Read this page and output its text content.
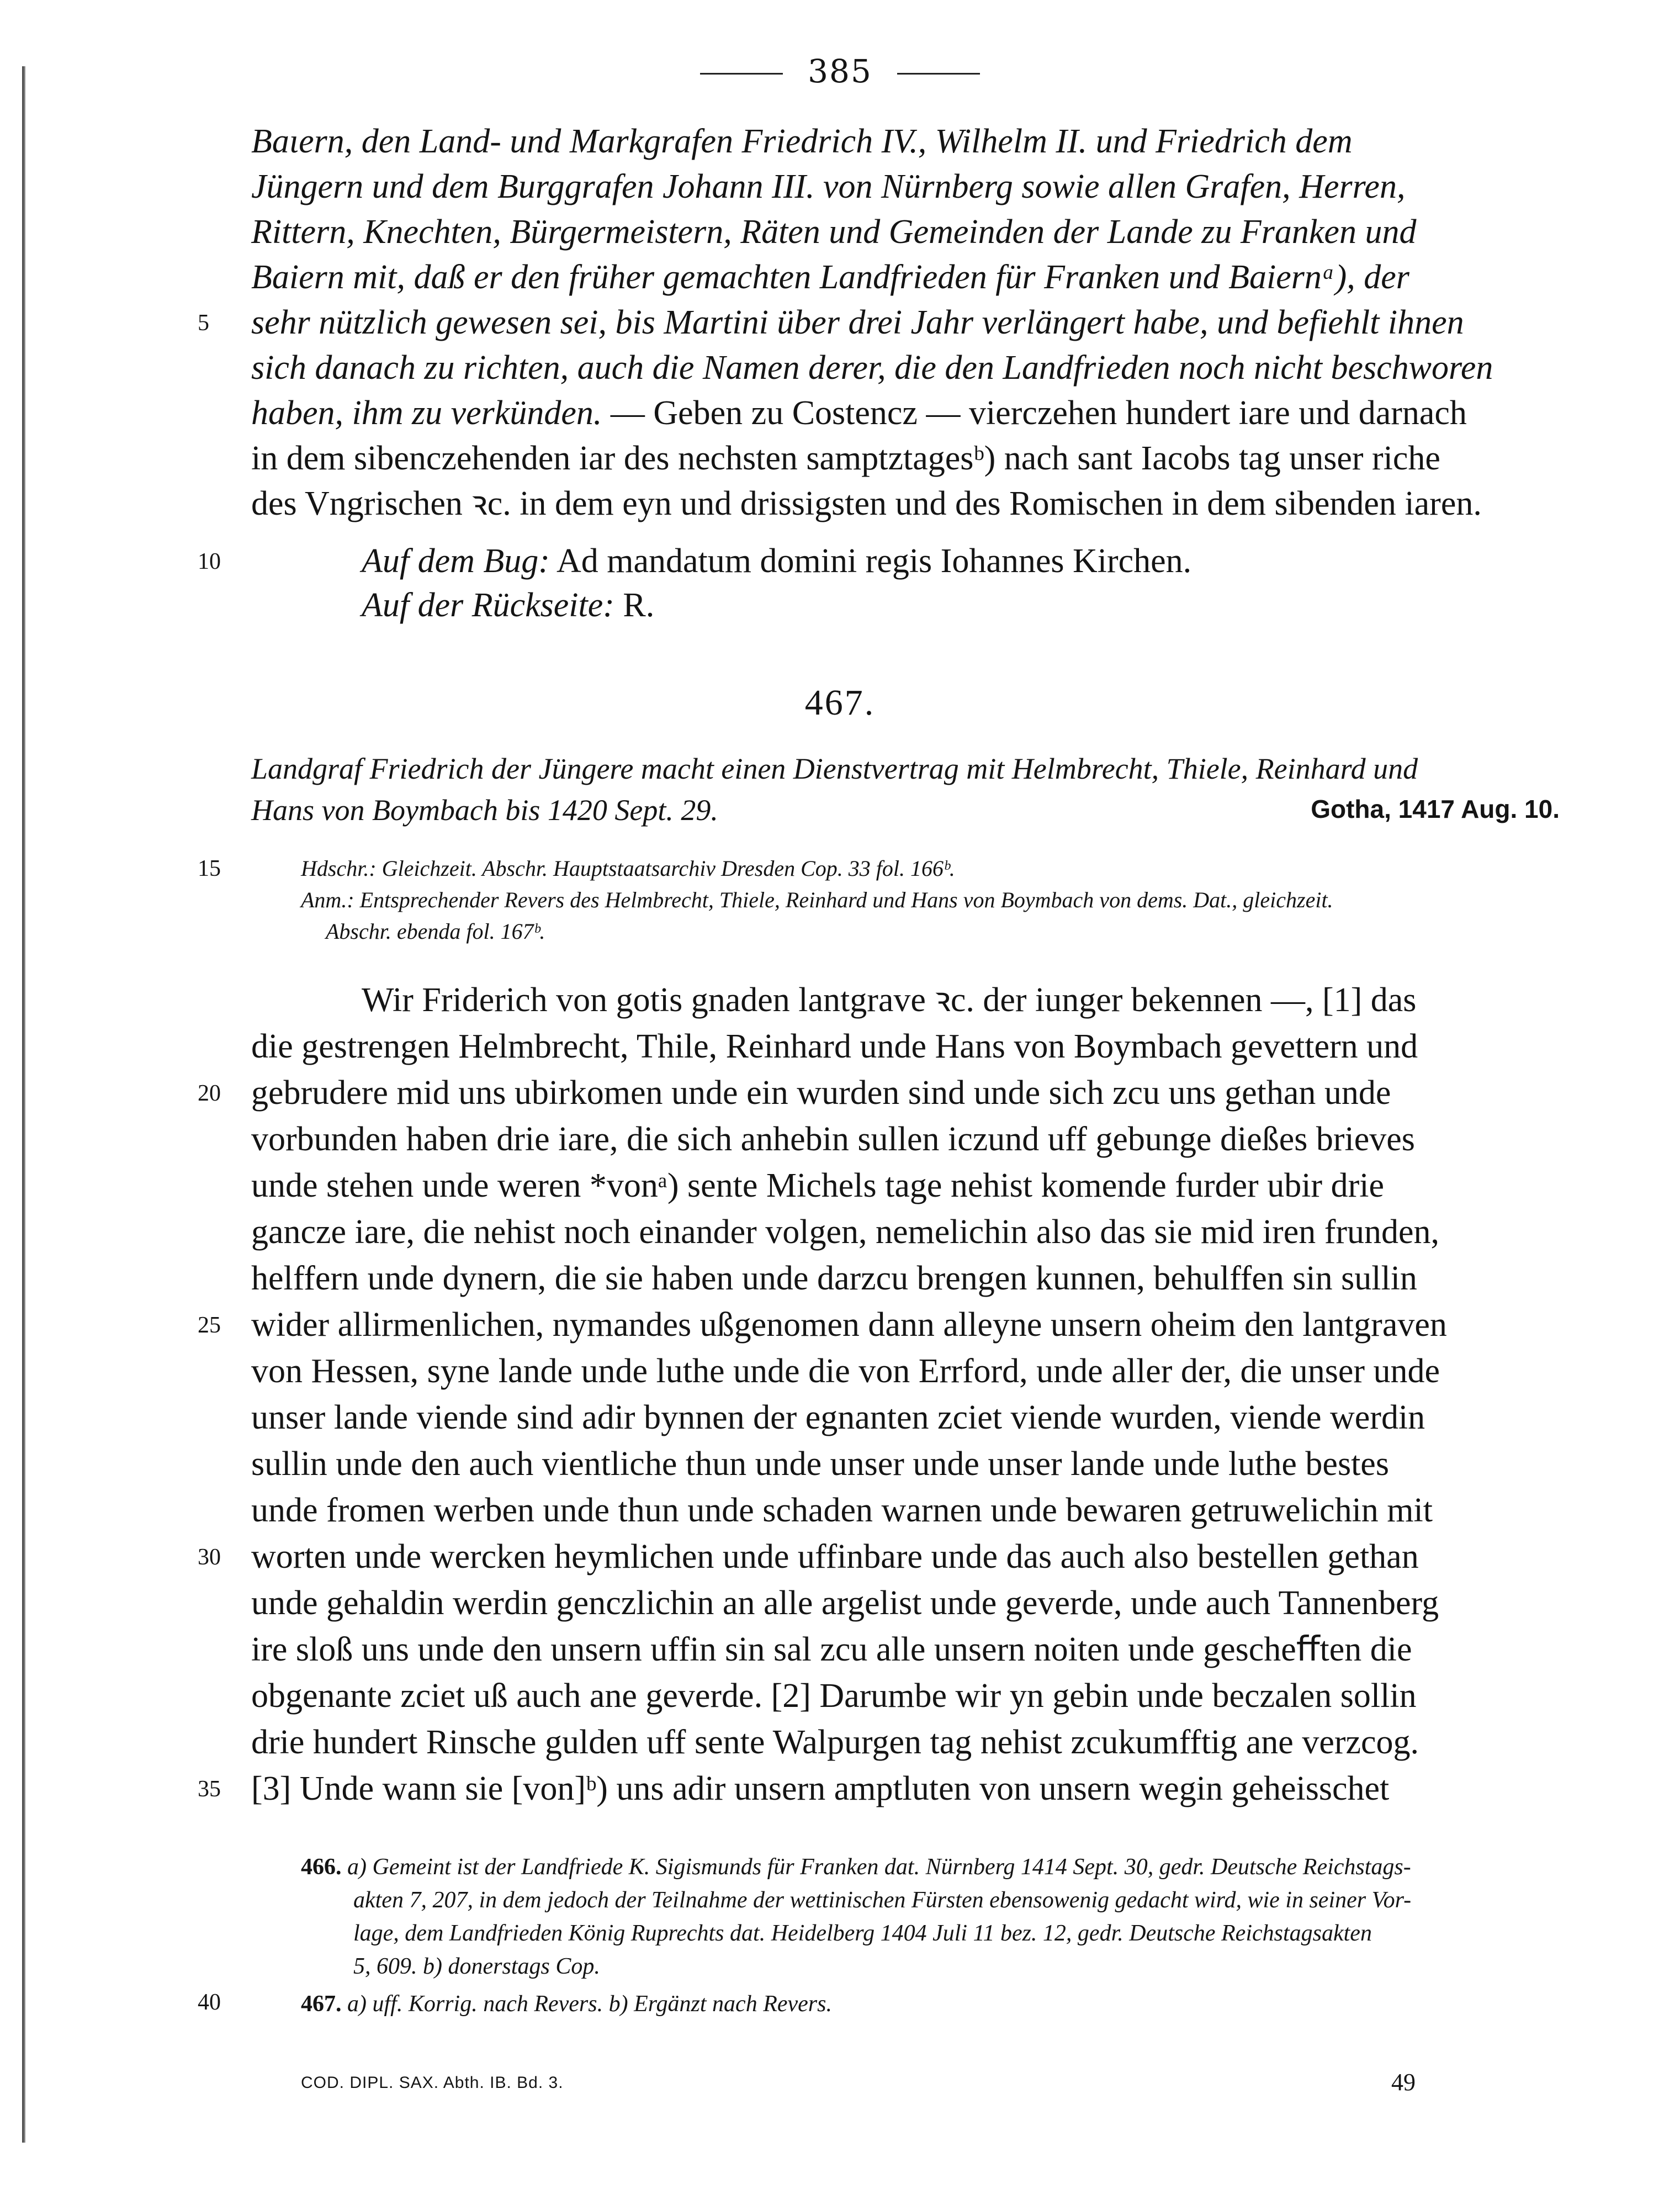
385
Baιern, den Land- und Markgrafen Friedrich IV., Wilhelm II. und Friedrich dem
Jüngern und dem Burggrafen Johann III. von Nürnberg sowie allen Grafen, Herren,
Rittern, Knechten, Bürgermeistern, Räten und Gemeinden der Lande zu Franken und
Baiern mit, daß er den früher gemachten Landfrieden für Franken und Baiernᵃ), der
sehr nützlich gewesen sei, bis Martini über drei Jahr verlängert habe, und befiehlt ihnen
5
sich danach zu richten, auch die Namen derer, die den Landfrieden noch nicht beschworen
haben, ihm zu verkünden. — Geben zu Costencz — vierczehen hundert iare und darnach
in dem sibenczehenden iar des nechsten samptztagesᵇ) nach sant Iacobs tag unser riche
des Vngrischen ꝛc. in dem eyn und drissigsten und des Romischen in dem sibenden iaren.
Auf dem Bug: Ad mandatum domini regis Iohannes Kirchen.
10
Auf der Rückseite: R.
467.
Landgraf Friedrich der Jüngere macht einen Dienstvertrag mit Helmbrecht, Thiele, Reinhard und
Hans von Boymbach bis 1420 Sept. 29.	Gotha, 1417 Aug. 10.
Hdschr.: Gleichzeit. Abschr. Hauptstaatsarchiv Dresden Cop. 33 fol. 166ᵇ.
15
Anm.: Entsprechender Revers des Helmbrecht, Thiele, Reinhard und Hans von Boymbach von dems. Dat., gleichzeit.
Abschr. ebenda fol. 167ᵇ.
Wir Friderich von gotis gnaden lantgrave ꝛc. der iunger bekennen —, [1] das
die gestrengen Helmbrecht, Thile, Reinhard unde Hans von Boymbach gevettern und
gebrudere mid uns ubirkomen unde ein wurden sind unde sich zcu uns gethan unde
20
vorbunden haben drie iare, die sich anhebin sullen iczund uff gebunge dießes brieves
unde stehen unde weren *vonᵃ) sente Michels tage nehist komende furder ubir drie
gancze iare, die nehist noch einander volgen, nemelichin also das sie mid iren frunden,
helffern unde dynern, die sie haben unde darzcu brengen kunnen, behulffen sin sullin
wider allirmenlichen, nymandes ußgenomen dann alleyne unsern oheim den lantgraven
25
von Hessen, syne lande unde luthe unde die von Errford, unde aller der, die unser unde
unser lande viende sind adir bynnen der egnanten zciet viende wurden, viende werdin
sullin unde den auch vientliche thun unde unser unde unser lande unde luthe bestes
unde fromen werben unde thun unde schaden warnen unde bewaren getruwelichin mit
worten unde wercken heymlichen unde uffinbare unde das auch also bestellen gethan
30
unde gehaldin werdin genczlichin an alle argelist unde geverde, unde auch Tannenberg
ire sloß uns unde den unsern uffin sin sal zcu alle unsern noiten unde gescheﬀten die
obgenante zciet uß auch ane geverde. [2] Darumbe wir yn gebin unde beczalen sollin
drie hundert Rinsche gulden uff sente Walpurgen tag nehist zcukumfftig ane verzcog.
[3] Unde wann sie [von]ᵇ) uns adir unsern amptluten von unsern wegin geheisschet
35
466. a) Gemeint ist der Landfriede K. Sigismunds für Franken dat. Nürnberg 1414 Sept. 30, gedr. Deutsche Reichstags-
akten 7, 207, in dem jedoch der Teilnahme der wettinischen Fürsten ebensowenig gedacht wird, wie in seiner Vor-
lage, dem Landfrieden König Ruprechts dat. Heidelberg 1404 Juli 11 bez. 12, gedr. Deutsche Reichstagsakten
5, 609. b) donerstags Cop.
467. a) uff. Korrig. nach Revers. b) Ergänzt nach Revers.
40
COD. DIPL. SAX. Abth. IB. Bd. 3.	49
